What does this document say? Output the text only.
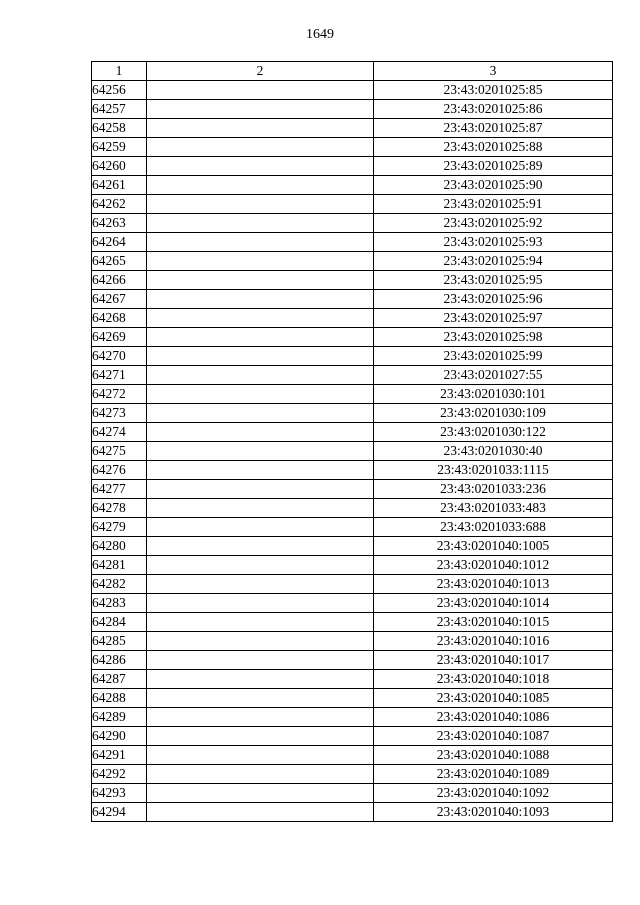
1649
1	2	3
64256		23:43:0201025:85
64257		23:43:0201025:86
64258		23:43:0201025:87
64259		23:43:0201025:88
64260		23:43:0201025:89
64261		23:43:0201025:90
64262		23:43:0201025:91
64263		23:43:0201025:92
64264		23:43:0201025:93
64265		23:43:0201025:94
64266		23:43:0201025:95
64267		23:43:0201025:96
64268		23:43:0201025:97
64269		23:43:0201025:98
64270		23:43:0201025:99
64271		23:43:0201027:55
64272		23:43:0201030:101
64273		23:43:0201030:109
64274		23:43:0201030:122
64275		23:43:0201030:40
64276		23:43:0201033:1115
64277		23:43:0201033:236
64278		23:43:0201033:483
64279		23:43:0201033:688
64280		23:43:0201040:1005
64281		23:43:0201040:1012
64282		23:43:0201040:1013
64283		23:43:0201040:1014
64284		23:43:0201040:1015
64285		23:43:0201040:1016
64286		23:43:0201040:1017
64287		23:43:0201040:1018
64288		23:43:0201040:1085
64289		23:43:0201040:1086
64290		23:43:0201040:1087
64291		23:43:0201040:1088
64292		23:43:0201040:1089
64293		23:43:0201040:1092
64294		23:43:0201040:1093
